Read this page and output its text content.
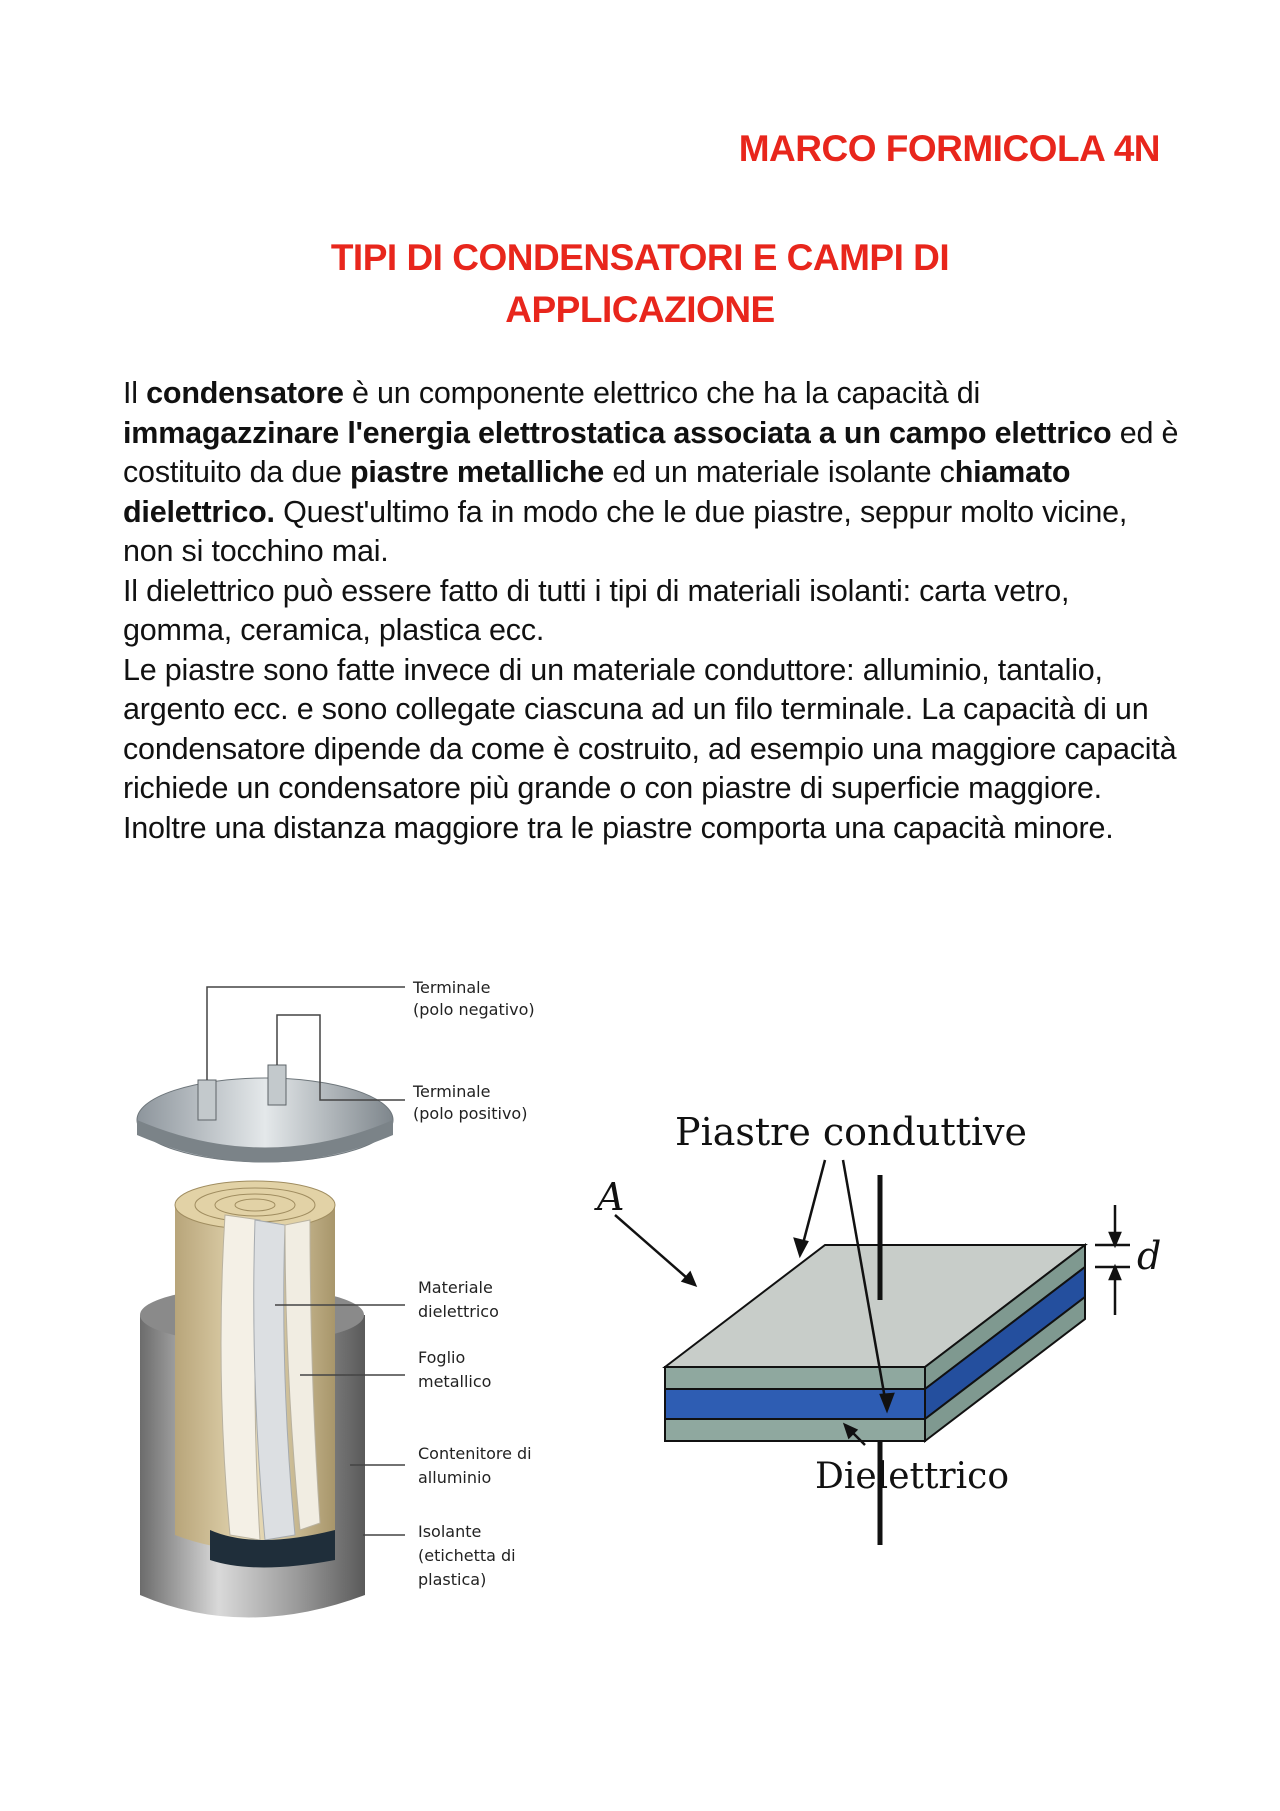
MARCO FORMICOLA 4N
TIPI DI CONDENSATORI E CAMPI DI
APPLICAZIONE

Il condensatore è un componente elettrico che ha la capacità di immagazzinare l'energia elettrostatica associata a un campo elettrico ed è costituito da due piastre metalliche ed un materiale isolante chiamato dielettrico. Quest'ultimo fa in modo che le due piastre, seppur molto vicine, non si tocchino mai.

Il dielettrico può essere fatto di tutti i tipi di materiali isolanti: carta vetro, gomma, ceramica, plastica ecc.

Le piastre sono fatte invece di un materiale conduttore: alluminio, tantalio, argento ecc. e sono collegate ciascuna ad un filo terminale. La capacità di un condensatore dipende da come è costruito, ad esempio una maggiore capacità richiede un condensatore più grande o con piastre di superficie maggiore. Inoltre una distanza maggiore tra le piastre comporta una capacità minore.

Terminale
(polo negativo)
Terminale
(polo positivo)
Materiale
dielettrico
Foglio
metallico
Contenitore di
alluminio
Isolante
(etichetta di
plastica)
Piastre conduttive
A
d
Dielettrico
